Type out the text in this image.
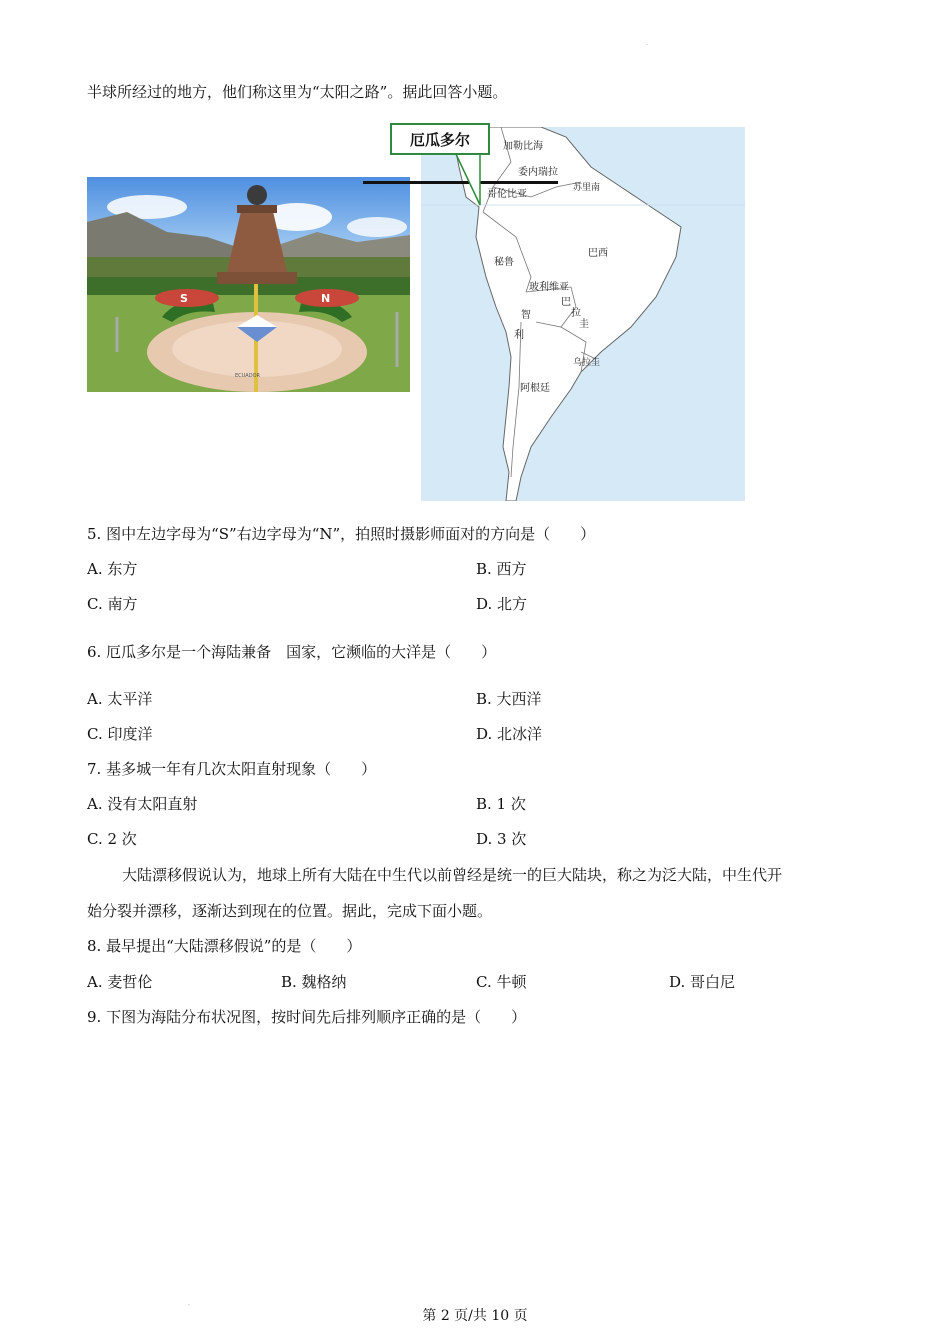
半球所经过的地方，他们称这里为“太阳之路”。据此回答小题。
S	N
ECUADOR
加勒比海
委内瑞拉
苏里南
哥伦比亚
巴西
秘鲁
玻利维亚
巴
拉
圭
智
利
乌拉圭
阿根廷
厄瓜多尔
5. 图中左边字母为“S”右边字母为“N”，拍照时摄影师面对的方向是（　　）
A. 东方	B. 西方
C. 南方	D. 北方
6. 厄瓜多尔是一个海陆兼备　国家，它濒临的大洋是（　　）
A. 太平洋	B. 大西洋
C. 印度洋	D. 北冰洋
7. 基多城一年有几次太阳直射现象（　　）
A. 没有太阳直射	B. 1 次
C. 2 次	D. 3 次
大陆漂移假说认为，地球上所有大陆在中生代以前曾经是统一的巨大陆块，称之为泛大陆，中生代开
始分裂并漂移，逐渐达到现在的位置。据此，完成下面小题。
8. 最早提出“大陆漂移假说”的是（　　）
A. 麦哲伦	B. 魏格纳	C. 牛顿	D. 哥白尼
9. 下图为海陆分布状况图，按时间先后排列顺序正确的是（　　）
.
.
第 2 页/共 10 页
